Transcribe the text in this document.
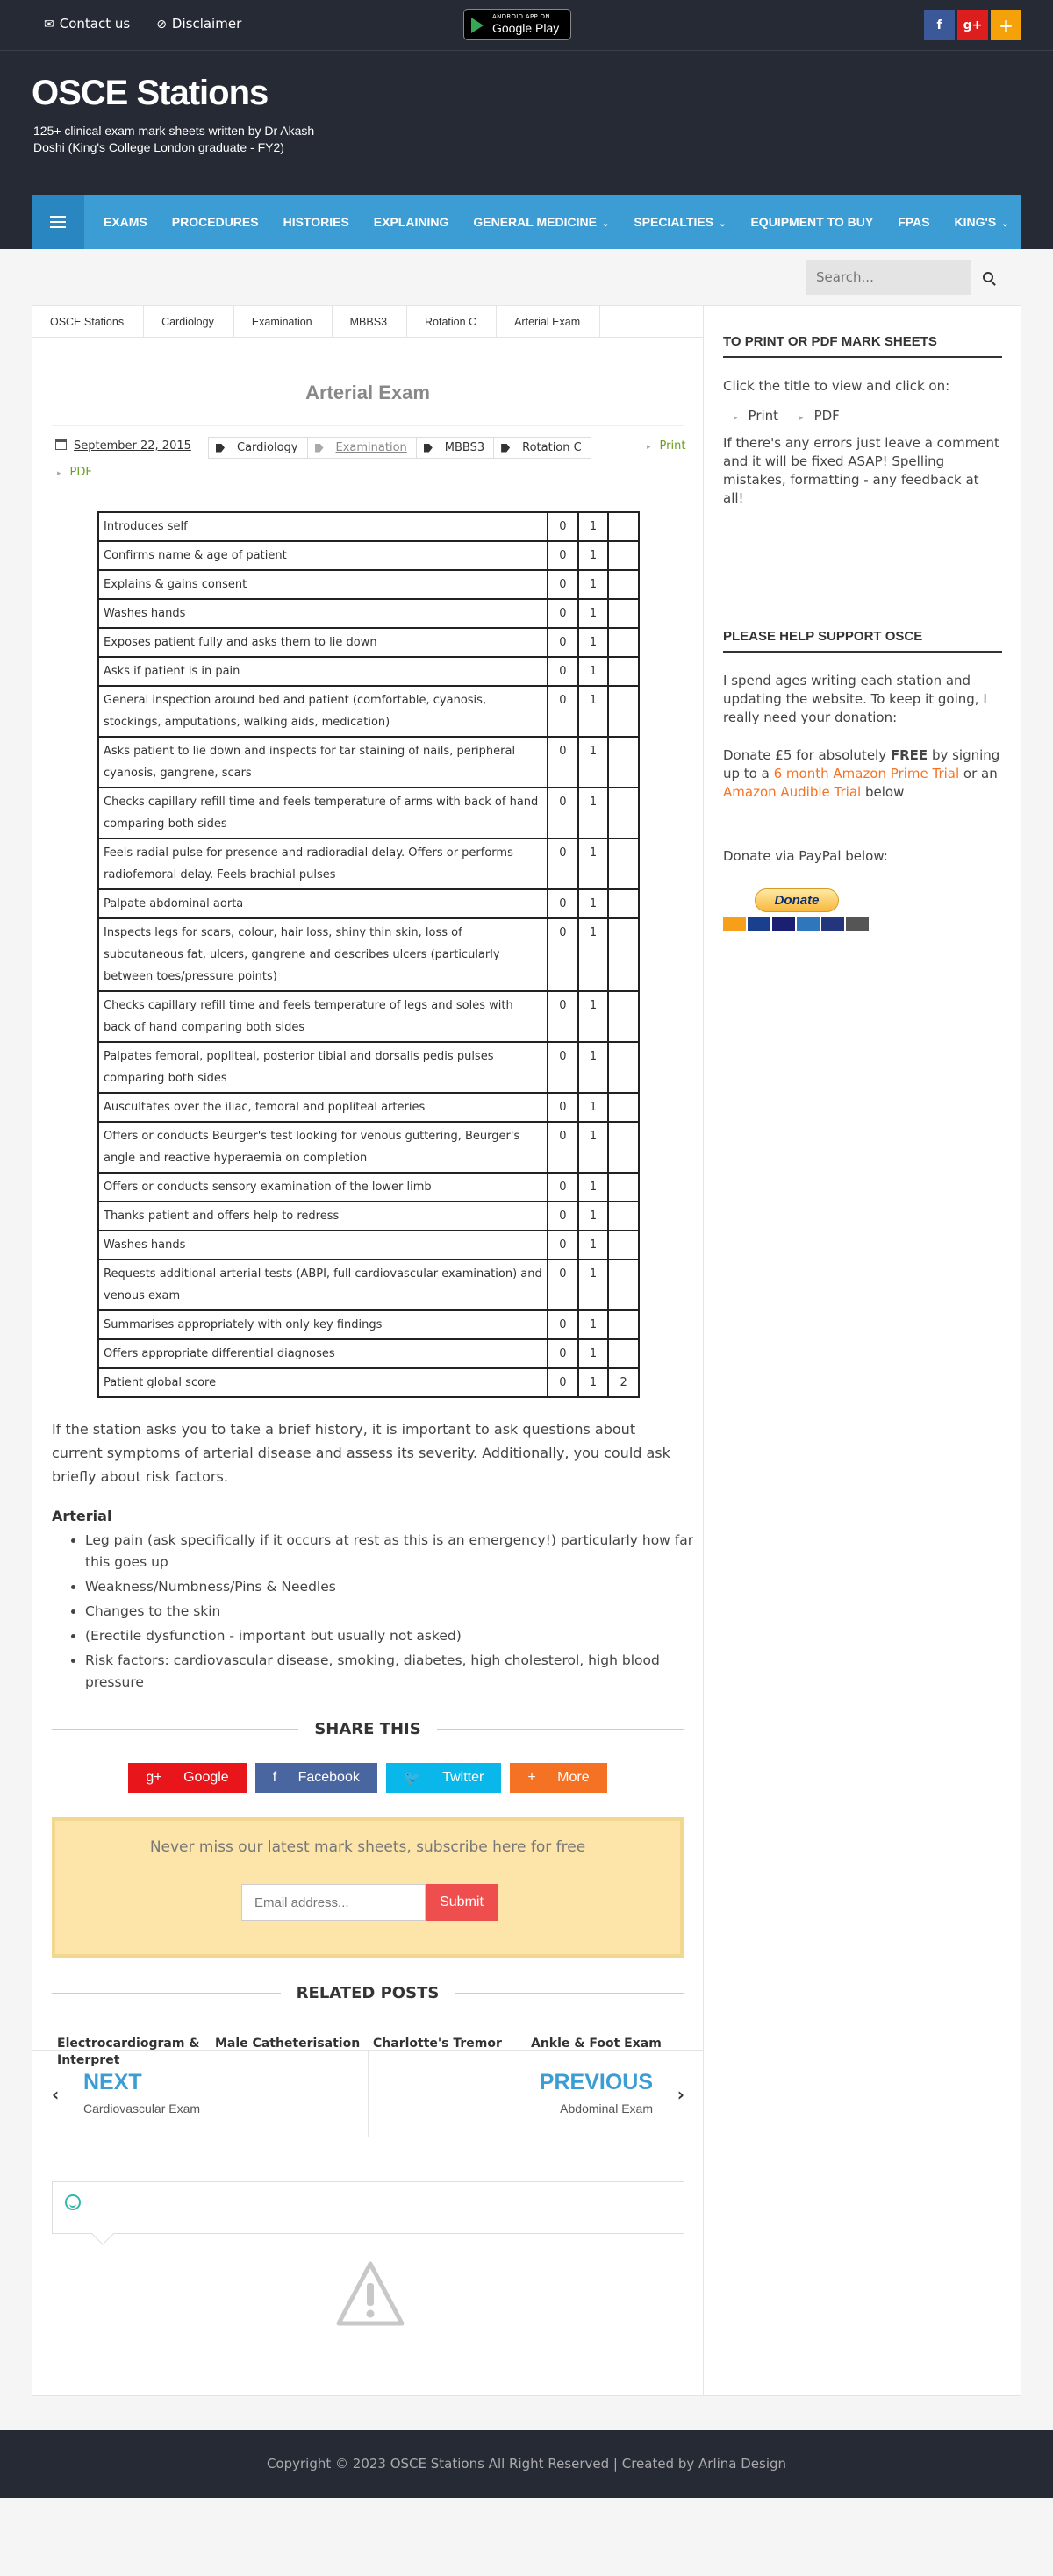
✉ Contact us ⊘ Disclaimer	ANDROID APP ON
Google Play	f	g+ +
OSCE Stations
125+ clinical exam mark sheets written by Dr Akash Doshi (King's College London graduate - FY2)
EXAMS	PROCEDURES	HISTORIES	EXPLAINING	GENERAL MEDICINE ⌄	SPECIALTIES ⌄	EQUIPMENT TO BUY	FPAS	KING'S ⌄
Search...
OSCE Stations	Cardiology	Examination	MBBS3	Rotation C	Arterial Exam
Arterial Exam
September 22, 2015	Cardiology	Examination	MBBS3	Rotation C	▸ Print
▸ PDF
Introduces self	0	1	
Confirms name & age of patient	0	1	
Explains & gains consent	0	1	
Washes hands	0	1	
Exposes patient fully and asks them to lie down	0	1	
Asks if patient is in pain	0	1	
General inspection around bed and patient (comfortable, cyanosis, stockings, amputations, walking aids, medication)	0	1	
Asks patient to lie down and inspects for tar staining of nails, peripheral cyanosis, gangrene, scars	0	1	
Checks capillary refill time and feels temperature of arms with back of hand comparing both sides	0	1	
Feels radial pulse for presence and radioradial delay. Offers or performs radiofemoral delay. Feels brachial pulses	0	1	
Palpate abdominal aorta	0	1	
Inspects legs for scars, colour, hair loss, shiny thin skin, loss of subcutaneous fat, ulcers, gangrene and describes ulcers (particularly between toes/pressure points)	0	1	
Checks capillary refill time and feels temperature of legs and soles with back of hand comparing both sides	0	1	
Palpates femoral, popliteal, posterior tibial and dorsalis pedis pulses comparing both sides	0	1	
Auscultates over the iliac, femoral and popliteal arteries	0	1	
Offers or conducts Beurger's test looking for venous guttering, Beurger's angle and reactive hyperaemia on completion	0	1	
Offers or conducts sensory examination of the lower limb	0	1	
Thanks patient and offers help to redress	0	1	
Washes hands	0	1	
Requests additional arterial tests (ABPI, full cardiovascular examination) and venous exam	0	1	
Summarises appropriately with only key findings	0	1	
Offers appropriate differential diagnoses	0	1	
Patient global score	0	1	2

If the station asks you to take a brief history, it is important to ask questions about current symptoms of arterial disease and assess its severity. Additionally, you could ask briefly about risk factors.

Arterial

• Leg pain (ask specifically if it occurs at rest as this is an emergency!) particularly how far this goes up
• Weakness/Numbness/Pins & Needles
• Changes to the skin
• (Erectile dysfunction - important but usually not asked)
• Risk factors: cardiovascular disease, smoking, diabetes, high cholesterol, high blood pressure
SHARE THIS
g+	Google	f	Facebook	🐦	Twitter	+	More
Never miss our latest mark sheets, subscribe here for free
Email address...
Submit
RELATED POSTS
Electrocardiogram & Interpret
Male Catheterisation	Charlotte's Tremor	Ankle & Foot Exam
‹ NEXT
Cardiovascular Exam
›
PREVIOUS
Abdominal Exam
TO PRINT OR PDF MARK SHEETS

Click the title to view and click on:

▸ Print	▸ PDF

If there's any errors just leave a comment and it will be fixed ASAP! Spelling mistakes, formatting - any feedback at all!

PLEASE HELP SUPPORT OSCE

I spend ages writing each station and updating the website. To keep it going, I really need your donation:

Donate £5 for absolutely FREE by signing up to a 6 month Amazon Prime Trial or an Amazon Audible Trial below

Donate via PayPal below:

Donate
Copyright © 2023 OSCE Stations All Right Reserved | Created by Arlina Design
